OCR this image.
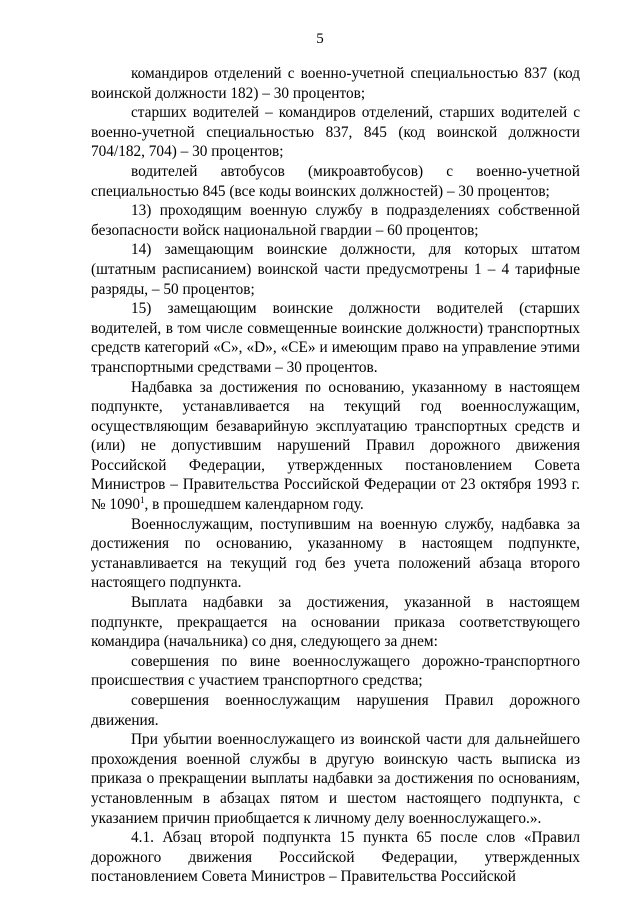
5

командиров отделений с военно-учетной специальностью 837 (код воинской должности 182) – 30 процентов;

старших водителей – командиров отделений, старших водителей с военно-учетной специальностью 837, 845 (код воинской должности 704/182, 704) – 30 процентов;

водителей автобусов (микроавтобусов) с военно-учетной специальностью 845 (все коды воинских должностей) – 30 процентов;

13) проходящим военную службу в подразделениях собственной безопасности войск национальной гвардии – 60 процентов;

14) замещающим воинские должности, для которых штатом (штатным расписанием) воинской части предусмотрены 1 – 4 тарифные разряды, – 50 процентов;

15) замещающим воинские должности водителей (старших водителей, в том числе совмещенные воинские должности) транспортных средств категорий «С», «D», «СЕ» и имеющим право на управление этими транспортными средствами – 30 процентов.

Надбавка за достижения по основанию, указанному в настоящем подпункте, устанавливается на текущий год военнослужащим, осуществляющим безаварийную эксплуатацию транспортных средств и (или) не допустившим нарушений Правил дорожного движения Российской Федерации, утвержденных постановлением Совета Министров – Правительства Российской Федерации от 23 октября 1993 г. № 1090$^1$, в прошедшем календарном году.

Военнослужащим, поступившим на военную службу, надбавка за достижения по основанию, указанному в настоящем подпункте, устанавливается на текущий год без учета положений абзаца второго настоящего подпункта.

Выплата надбавки за достижения, указанной в настоящем подпункте, прекращается на основании приказа соответствующего командира (начальника) со дня, следующего за днем:

совершения по вине военнослужащего дорожно-транспортного происшествия с участием транспортного средства;

совершения военнослужащим нарушения Правил дорожного движения.

При убытии военнослужащего из воинской части для дальнейшего прохождения военной службы в другую воинскую часть выписка из приказа о прекращении выплаты надбавки за достижения по основаниям, установленным в абзацах пятом и шестом настоящего подпункта, с указанием причин приобщается к личному делу военнослужащего.».

4.1. Абзац второй подпункта 15 пункта 65 после слов «Правил дорожного движения Российской Федерации, утвержденных постановлением Совета Министров – Правительства Российской
